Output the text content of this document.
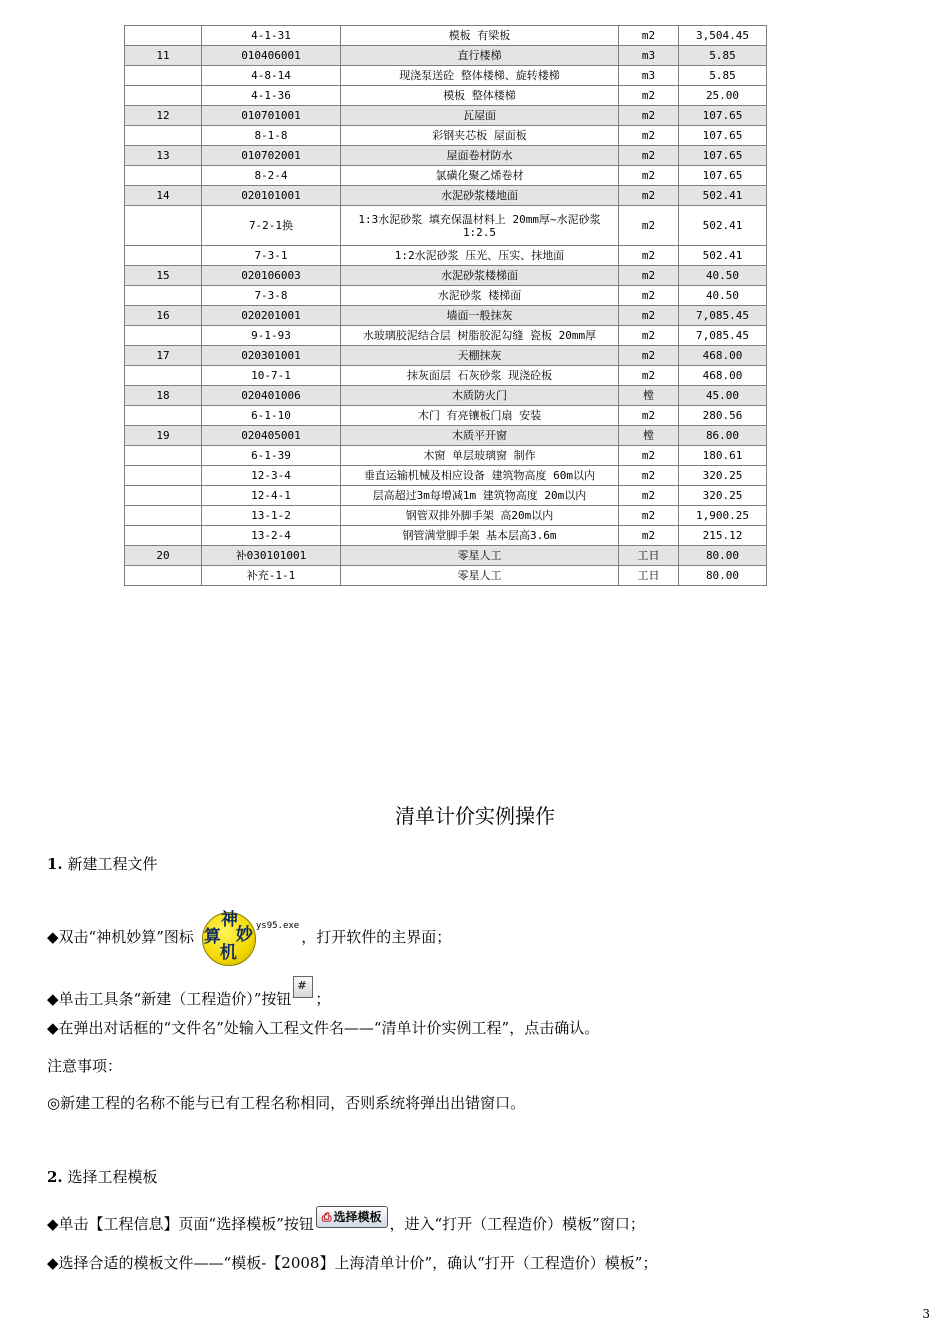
	4-1-31	模板 有梁板	m2	3,504.45
11	010406001	直行楼梯	m3	5.85
	4-8-14	现浇泵送砼 整体楼梯、旋转楼梯	m3	5.85
	4-1-36	模板 整体楼梯	m2	25.00
12	010701001	瓦屋面	m2	107.65
	8-1-8	彩钢夹芯板 屋面板	m2	107.65
13	010702001	屋面卷材防水	m2	107.65
	8-2-4	氯磺化聚乙烯卷材	m2	107.65
14	020101001	水泥砂浆楼地面	m2	502.41
	7-2-1换	1:3水泥砂浆 填充保温材料上 20mm厚~水泥砂浆1:2.5	m2	502.41
	7-3-1	1:2水泥砂浆 压光、压实、抹地面	m2	502.41
15	020106003	水泥砂浆楼梯面	m2	40.50
	7-3-8	水泥砂浆 楼梯面	m2	40.50
16	020201001	墙面一般抹灰	m2	7,085.45
	9-1-93	水玻璃胶泥结合层 树脂胶泥勾缝 瓷板 20mm厚	m2	7,085.45
17	020301001	天棚抹灰	m2	468.00
	10-7-1	抹灰面层 石灰砂浆 现浇砼板	m2	468.00
18	020401006	木质防火门	樘	45.00
	6-1-10	木门 有亮镶板门扇 安装	m2	280.56
19	020405001	木质平开窗	樘	86.00
	6-1-39	木窗 单层玻璃窗 制作	m2	180.61
	12-3-4	垂直运输机械及相应设备 建筑物高度 60m以内	m2	320.25
	12-4-1	层高超过3m每增减1m 建筑物高度 20m以内	m2	320.25
	13-1-2	钢管双排外脚手架 高20m以内	m2	1,900.25
	13-2-4	钢管满堂脚手架 基本层高3.6m	m2	215.12
20	补030101001	零星人工	工日	80.00
	补充-1-1	零星人工	工日	80.00
清单计价实例操作
1. 新建工程文件
◆双击“神机妙算”图标
神
算 妙
机
$^{ys95.exe}$，打开软件的主界面；
◆单击工具条“新建（工程造价）”按钮
#
；
◆在弹出对话框的“文件名”处输入工程文件名——“清单计价实例工程”，点击确认。
注意事项：
◎新建工程的名称不能与已有工程名称相同，否则系统将弹出出错窗口。
2. 选择工程模板
◆单击【工程信息】页面“选择模板”按钮 ⎙ 选择模板 ，进入“打开（工程造价）模板”窗口；
◆选择合适的模板文件——“模板-【2008】上海清单计价”，确认“打开（工程造价）模板”；
3
